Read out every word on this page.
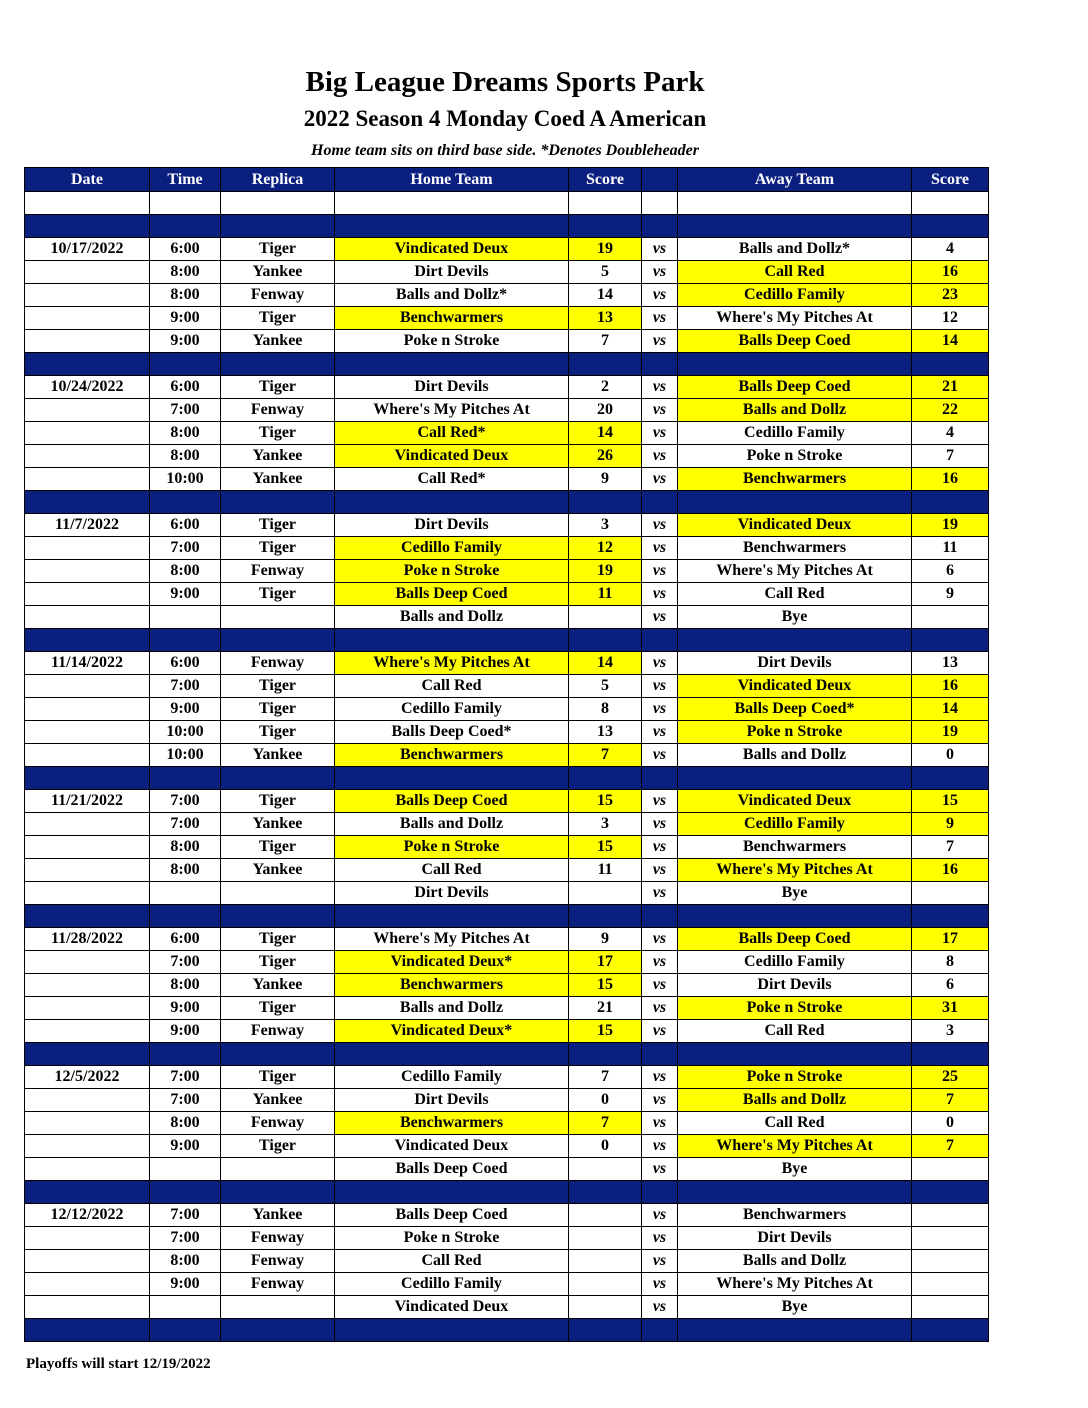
Big League Dreams Sports Park
2022 Season 4 Monday Coed A American

Home team sits on third base side. *Denotes Doubleheader

Date	Time	Replica	Home Team	Score		Away Team	Score

10/17/2022	6:00	Tiger	Vindicated Deux	19	vs	Balls and Dollz*	4
	8:00	Yankee	Dirt Devils	5	vs	Call Red	16
	8:00	Fenway	Balls and Dollz*	14	vs	Cedillo Family	23
	9:00	Tiger	Benchwarmers	13	vs	Where's My Pitches At	12
	9:00	Yankee	Poke n Stroke	7	vs	Balls Deep Coed	14

10/24/2022	6:00	Tiger	Dirt Devils	2	vs	Balls Deep Coed	21
	7:00	Fenway	Where's My Pitches At	20	vs	Balls and Dollz	22
	8:00	Tiger	Call Red*	14	vs	Cedillo Family	4
	8:00	Yankee	Vindicated Deux	26	vs	Poke n Stroke	7
	10:00	Yankee	Call Red*	9	vs	Benchwarmers	16

11/7/2022	6:00	Tiger	Dirt Devils	3	vs	Vindicated Deux	19
	7:00	Tiger	Cedillo Family	12	vs	Benchwarmers	11
	8:00	Fenway	Poke n Stroke	19	vs	Where's My Pitches At	6
	9:00	Tiger	Balls Deep Coed	11	vs	Call Red	9
			Balls and Dollz		vs	Bye	

11/14/2022	6:00	Fenway	Where's My Pitches At	14	vs	Dirt Devils	13
	7:00	Tiger	Call Red	5	vs	Vindicated Deux	16
	9:00	Tiger	Cedillo Family	8	vs	Balls Deep Coed*	14
	10:00	Tiger	Balls Deep Coed*	13	vs	Poke n Stroke	19
	10:00	Yankee	Benchwarmers	7	vs	Balls and Dollz	0

11/21/2022	7:00	Tiger	Balls Deep Coed	15	vs	Vindicated Deux	15
	7:00	Yankee	Balls and Dollz	3	vs	Cedillo Family	9
	8:00	Tiger	Poke n Stroke	15	vs	Benchwarmers	7
	8:00	Yankee	Call Red	11	vs	Where's My Pitches At	16
			Dirt Devils		vs	Bye	

11/28/2022	6:00	Tiger	Where's My Pitches At	9	vs	Balls Deep Coed	17
	7:00	Tiger	Vindicated Deux*	17	vs	Cedillo Family	8
	8:00	Yankee	Benchwarmers	15	vs	Dirt Devils	6
	9:00	Tiger	Balls and Dollz	21	vs	Poke n Stroke	31
	9:00	Fenway	Vindicated Deux*	15	vs	Call Red	3

12/5/2022	7:00	Tiger	Cedillo Family	7	vs	Poke n Stroke	25
	7:00	Yankee	Dirt Devils	0	vs	Balls and Dollz	7
	8:00	Fenway	Benchwarmers	7	vs	Call Red	0
	9:00	Tiger	Vindicated Deux	0	vs	Where's My Pitches At	7
			Balls Deep Coed		vs	Bye	

12/12/2022	7:00	Yankee	Balls Deep Coed		vs	Benchwarmers	
	7:00	Fenway	Poke n Stroke		vs	Dirt Devils	
	8:00	Fenway	Call Red		vs	Balls and Dollz	
	9:00	Fenway	Cedillo Family		vs	Where's My Pitches At	
			Vindicated Deux		vs	Bye	

Playoffs will start 12/19/2022
